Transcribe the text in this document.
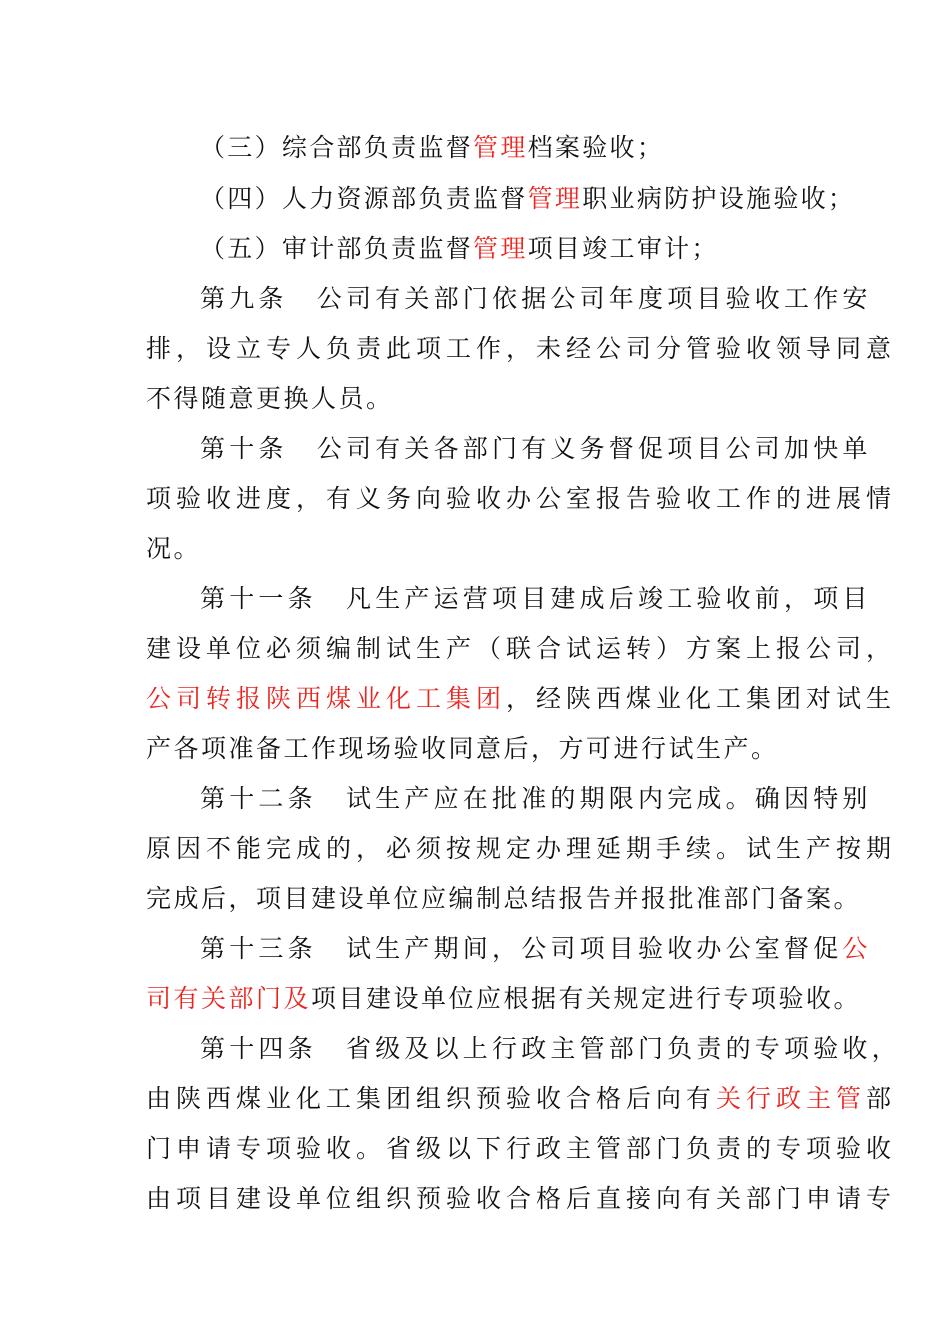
（三）综合部负责监督管理档案验收；
（四）人力资源部负责监督管理职业病防护设施验收；
（五）审计部负责监督管理项目竣工审计；
第九条　公司有关部门依据公司年度项目验收工作安
排，设立专人负责此项工作，未经公司分管验收领导同意
不得随意更换人员。
第十条　公司有关各部门有义务督促项目公司加快单
项验收进度，有义务向验收办公室报告验收工作的进展情
况。
第十一条　凡生产运营项目建成后竣工验收前，项目
建设单位必须编制试生产（联合试运转）方案上报公司，
公司转报陕西煤业化工集团，经陕西煤业化工集团对试生
产各项准备工作现场验收同意后，方可进行试生产。
第十二条　试生产应在批准的期限内完成。确因特别
原因不能完成的，必须按规定办理延期手续。试生产按期
完成后，项目建设单位应编制总结报告并报批准部门备案。
第十三条　试生产期间，公司项目验收办公室督促公
司有关部门及项目建设单位应根据有关规定进行专项验收。
第十四条　省级及以上行政主管部门负责的专项验收，
由陕西煤业化工集团组织预验收合格后向有关行政主管部
门申请专项验收。省级以下行政主管部门负责的专项验收
由项目建设单位组织预验收合格后直接向有关部门申请专
